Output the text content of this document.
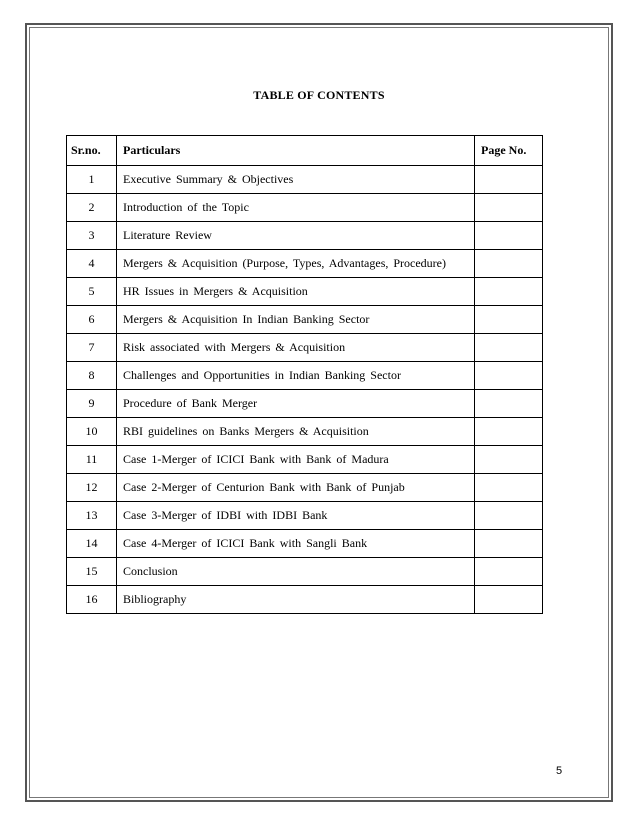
TABLE OF CONTENTS
Sr.no.	Particulars	Page No.
1	Executive Summary & Objectives	
2	Introduction of the Topic	
3	Literature Review	
4	Mergers & Acquisition (Purpose, Types, Advantages, Procedure)	
5	HR Issues in Mergers & Acquisition	
6	Mergers & Acquisition In Indian Banking Sector	
7	Risk associated with Mergers & Acquisition	
8	Challenges and Opportunities in Indian Banking Sector	
9	Procedure of Bank Merger	
10	RBI guidelines on Banks Mergers & Acquisition	
11	Case 1-Merger of ICICI Bank with Bank of Madura	
12	Case 2-Merger of Centurion Bank with Bank of Punjab	
13	Case 3-Merger of IDBI with IDBI Bank	
14	Case 4-Merger of ICICI Bank with Sangli Bank	
15	Conclusion	
16	Bibliography	
5
